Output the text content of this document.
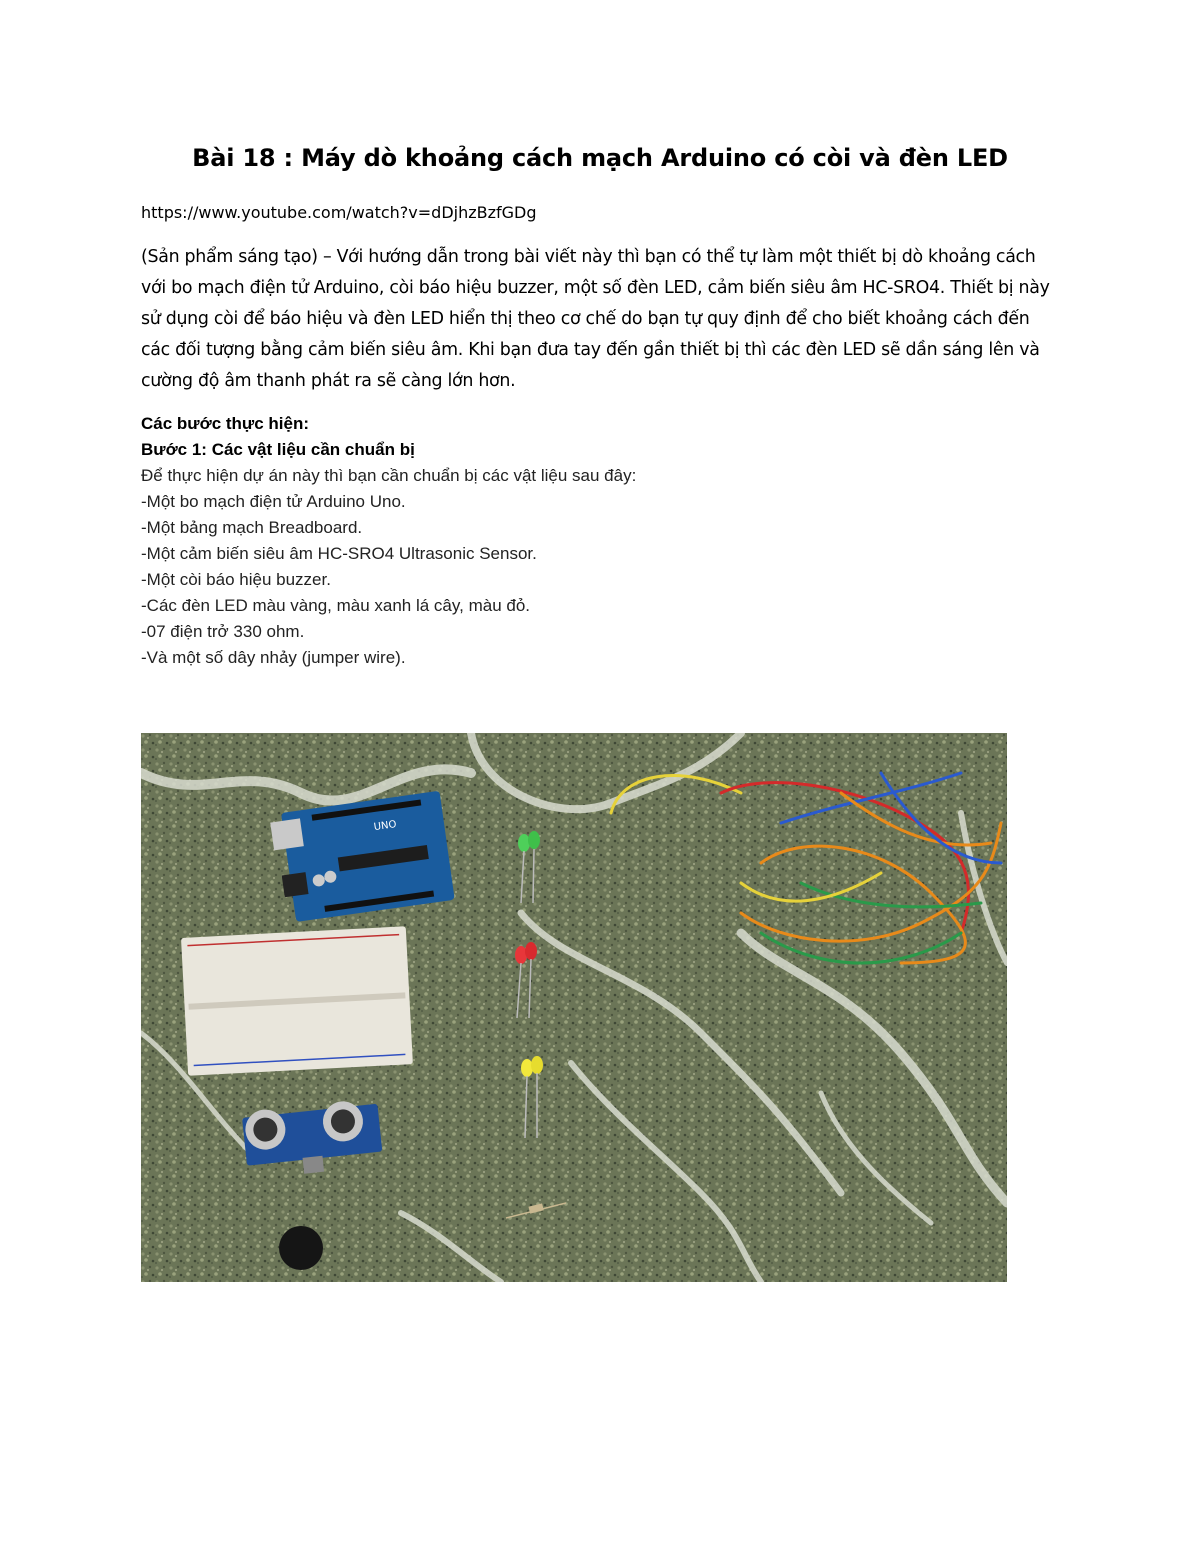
Bài 18 : Máy dò khoảng cách mạch Arduino có còi và đèn LED
https://www.youtube.com/watch?v=dDjhzBzfGDg
(Sản phẩm sáng tạo) – Với hướng dẫn trong bài viết này thì bạn có thể tự làm một thiết bị dò khoảng cách với bo mạch điện tử Arduino, còi báo hiệu buzzer, một số đèn LED, cảm biến siêu âm HC-SRO4. Thiết bị này sử dụng còi để báo hiệu và đèn LED hiển thị theo cơ chế do bạn tự quy định để cho biết khoảng cách đến các đối tượng bằng cảm biến siêu âm. Khi bạn đưa tay đến gần thiết bị thì các đèn LED sẽ dần sáng lên và cường độ âm thanh phát ra sẽ càng lớn hơn.
Các bước thực hiện:
Bước 1: Các vật liệu cần chuẩn bị
Để thực hiện dự án này thì bạn cần chuẩn bị các vật liệu sau đây:
-Một bo mạch điện tử Arduino Uno.
-Một bảng mạch Breadboard.
-Một cảm biến siêu âm HC-SRO4 Ultrasonic Sensor.
-Một còi báo hiệu buzzer.
-Các đèn LED màu vàng, màu xanh lá cây, màu đỏ.
-07 điện trở 330 ohm.
-Và một số dây nhảy (jumper wire).
UNO
